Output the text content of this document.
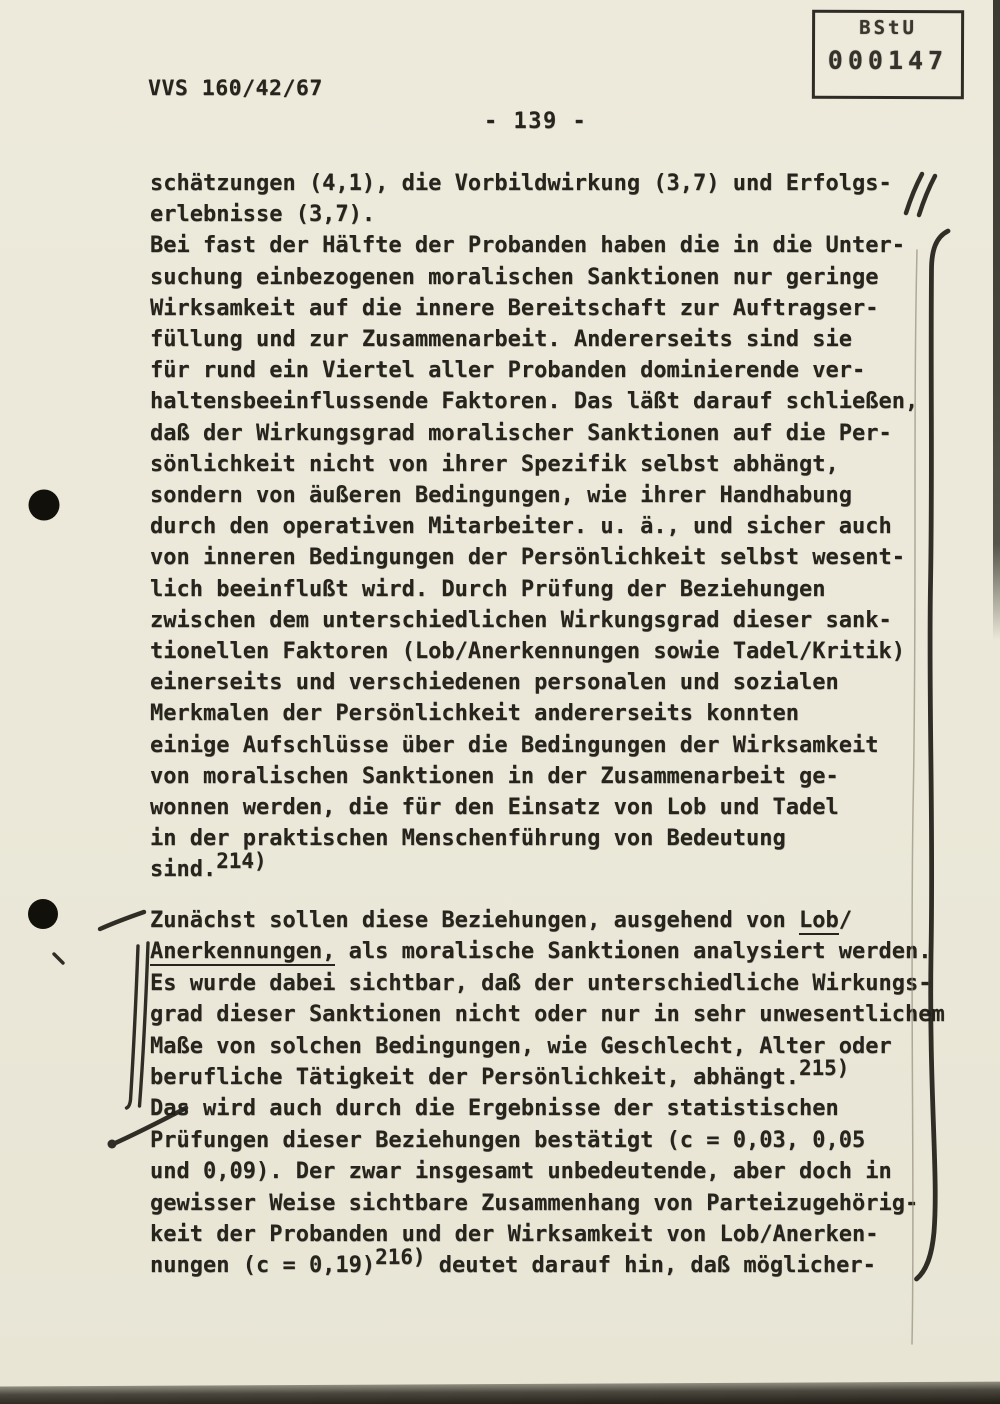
BStU
000147
VVS 160/42/67
- 139 -
schätzungen (4,1), die Vorbildwirkung (3,7) und Erfolgs-
erlebnisse (3,7).
Bei fast der Hälfte der Probanden haben die in die Unter-
suchung einbezogenen moralischen Sanktionen nur geringe
Wirksamkeit auf die innere Bereitschaft zur Auftragser-
füllung und zur Zusammenarbeit. Andererseits sind sie
für rund ein Viertel aller Probanden dominierende ver-
haltensbeeinflussende Faktoren. Das läßt darauf schließen,
daß der Wirkungsgrad moralischer Sanktionen auf die Per-
sönlichkeit nicht von ihrer Spezifik selbst abhängt,
sondern von äußeren Bedingungen, wie ihrer Handhabung
durch den operativen Mitarbeiter. u. ä., und sicher auch
von inneren Bedingungen der Persönlichkeit selbst wesent-
lich beeinflußt wird. Durch Prüfung der Beziehungen
zwischen dem unterschiedlichen Wirkungsgrad dieser sank-
tionellen Faktoren (Lob/Anerkennungen sowie Tadel/Kritik)
einerseits und verschiedenen personalen und sozialen
Merkmalen der Persönlichkeit andererseits konnten
einige Aufschlüsse über die Bedingungen der Wirksamkeit
von moralischen Sanktionen in der Zusammenarbeit ge-
wonnen werden, die für den Einsatz von Lob und Tadel
in der praktischen Menschenführung von Bedeutung
sind.214)
Zunächst sollen diese Beziehungen, ausgehend von Lob/
Anerkennungen, als moralische Sanktionen analysiert werden.
Es wurde dabei sichtbar, daß der unterschiedliche Wirkungs-
grad dieser Sanktionen nicht oder nur in sehr unwesentlichem
Maße von solchen Bedingungen, wie Geschlecht, Alter oder
berufliche Tätigkeit der Persönlichkeit, abhängt.215)
Das wird auch durch die Ergebnisse der statistischen
Prüfungen dieser Beziehungen bestätigt (c = 0,03, 0,05
und 0,09). Der zwar insgesamt unbedeutende, aber doch in
gewisser Weise sichtbare Zusammenhang von Parteizugehörig-
keit der Probanden und der Wirksamkeit von Lob/Anerken-
nungen (c = 0,19)216) deutet darauf hin, daß möglicher-
